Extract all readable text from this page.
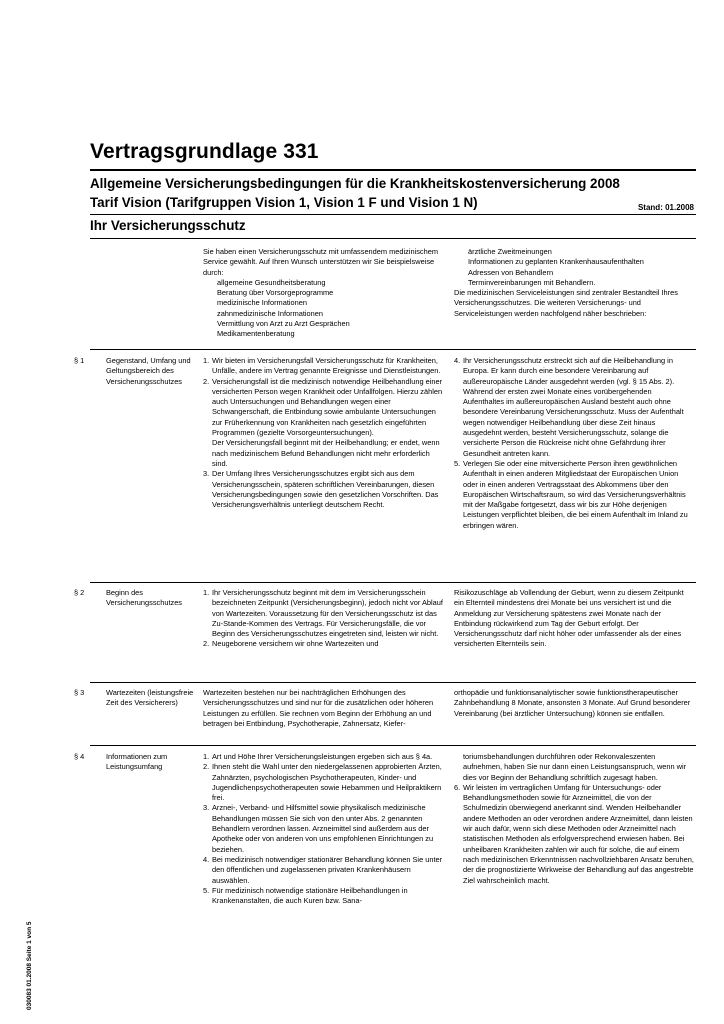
Vertragsgrundlage 331
Allgemeine Versicherungsbedingungen für die Krankheitskostenversicherung 2008
Tarif Vision (Tarifgruppen Vision 1, Vision 1 F und Vision 1 N)	Stand: 01.2008
Ihr Versicherungsschutz

Sie haben einen Versicherungsschutz mit umfassendem medizinischem Service gewählt. Auf Ihren Wunsch unterstützen wir Sie beispielsweise durch:

allgemeine Gesundheitsberatung

Beratung über Vorsorgeprogramme

medizinische Informationen

zahnmedizinische Informationen

Vermittlung von Arzt zu Arzt Gesprächen

Medikamentenberatung

ärztliche Zweitmeinungen

Informationen zu geplanten Krankenhausaufenthalten

Adressen von Behandlern

Terminvereinbarungen mit Behandlern.

Die medizinischen Serviceleistungen sind zentraler Bestandteil Ihres Versicherungsschutzes. Die weiteren Versicherungs- und Serviceleistungen werden nachfolgend näher beschrieben:

§ 1	Gegenstand, Umfang und Geltungsbereich des Versicherungsschutzes
1. Wir bieten im Versicherungsfall Versicherungsschutz für Krankheiten, Unfälle, andere im Vertrag genannte Ereignisse und Dienstleistungen.
2. Versicherungsfall ist die medizinisch notwendige Heilbehandlung einer versicherten Person wegen Krankheit oder Unfallfolgen. Hierzu zählen auch Untersuchungen und Behandlungen wegen einer Schwangerschaft, die Entbindung sowie ambulante Untersuchungen zur Früherkennung von Krankheiten nach gesetzlich eingeführten Programmen (gezielte Vorsorgeuntersuchungen).
Der Versicherungsfall beginnt mit der Heilbehandlung; er endet, wenn nach medizinischem Befund Behandlungen nicht mehr erforderlich sind.
3. Der Umfang Ihres Versicherungsschutzes ergibt sich aus dem Versicherungsschein, späteren schriftlichen Vereinbarungen, diesen Versicherungsbedingungen sowie den gesetzlichen Vorschriften. Das Versicherungsverhältnis unterliegt deutschem Recht.
4. Ihr Versicherungsschutz erstreckt sich auf die Heilbehandlung in Europa. Er kann durch eine besondere Vereinbarung auf außereuropäische Länder ausgedehnt werden (vgl. § 15 Abs. 2). Während der ersten zwei Monate eines vorübergehenden Aufenthaltes im außereuropäischen Ausland besteht auch ohne besondere Vereinbarung Versicherungsschutz. Muss der Aufenthalt wegen notwendiger Heilbehandlung über diese Zeit hinaus ausgedehnt werden, besteht Versicherungsschutz, solange die versicherte Person die Rückreise nicht ohne Gefährdung ihrer Gesundheit antreten kann.
5. Verlegen Sie oder eine mitversicherte Person ihren gewöhnlichen Aufenthalt in einen anderen Mitgliedstaat der Europäischen Union oder in einen anderen Vertragsstaat des Abkommens über den Europäischen Wirtschaftsraum, so wird das Versicherungsverhältnis mit der Maßgabe fortgesetzt, dass wir bis zur Höhe derjenigen Leistungen verpflichtet bleiben, die bei einem Aufenthalt im Inland zu erbringen wären.
§ 2	Beginn des Versicherungsschutzes
1. Ihr Versicherungsschutz beginnt mit dem im Versicherungsschein bezeichneten Zeitpunkt (Versicherungsbeginn), jedoch nicht vor Ablauf von Wartezeiten. Voraussetzung für den Versicherungsschutz ist das Zu-Stande-Kommen des Vertrags. Für Versicherungsfälle, die vor Beginn des Versicherungsschutzes eingetreten sind, leisten wir nicht.
2. Neugeborene versichern wir ohne Wartezeiten und

Risikozuschläge ab Vollendung der Geburt, wenn zu diesem Zeitpunkt ein Elternteil mindestens drei Monate bei uns versichert ist und die Anmeldung zur Versicherung spätestens zwei Monate nach der Entbindung rückwirkend zum Tag der Geburt erfolgt. Der Versicherungsschutz darf nicht höher oder umfassender als der eines versicherten Elternteils sein.

§ 3	Wartezeiten (leistungsfreie Zeit des Versicherers)

Wartezeiten bestehen nur bei nachträglichen Erhöhungen des Versicherungsschutzes und sind nur für die zusätzlichen oder höheren Leistungen zu erfüllen. Sie rechnen vom Beginn der Erhöhung an und betragen bei Entbindung, Psychotherapie, Zahnersatz, Kiefer-

orthopädie und funktionsanalytischer sowie funktionstherapeutischer Zahnbehandlung 8 Monate, ansonsten 3 Monate. Auf Grund besonderer Vereinbarung (bei ärztlicher Untersuchung) können sie entfallen.

§ 4	Informationen zum Leistungsumfang
1. Art und Höhe Ihrer Versicherungsleistungen ergeben sich aus § 4a.
2. Ihnen steht die Wahl unter den niedergelassenen approbierten Ärzten, Zahnärzten, psychologischen Psychotherapeuten, Kinder- und Jugendlichenpsychotherapeuten sowie Hebammen und Heilpraktikern frei.
3. Arznei-, Verband- und Hilfsmittel sowie physikalisch medizinische Behandlungen müssen Sie sich von den unter Abs. 2 genannten Behandlern verordnen lassen. Arzneimittel sind außerdem aus der Apotheke oder von anderen von uns empfohlenen Einrichtungen zu beziehen.
4. Bei medizinisch notwendiger stationärer Behandlung können Sie unter den öffentlichen und zugelassenen privaten Krankenhäusern auswählen.
5. Für medizinisch notwendige stationäre Heilbehandlungen in Krankenanstalten, die auch Kuren bzw. Sana-

toriumsbehandlungen durchführen oder Rekonvaleszenten aufnehmen, haben Sie nur dann einen Leistungsanspruch, wenn wir dies vor Beginn der Behandlung schriftlich zugesagt haben.

6. Wir leisten im vertraglichen Umfang für Untersuchungs- oder Behandlungsmethoden sowie für Arzneimittel, die von der Schulmedizin überwiegend anerkannt sind. Wenden Heilbehandler andere Methoden an oder verordnen andere Arzneimittel, dann leisten wir auch dafür, wenn sich diese Methoden oder Arzneimittel nach statistischen Methoden als erfolgversprechend erwiesen haben. Bei unheilbaren Krankheiten zahlen wir auch für solche, die auf einem nach medizinischen Erkenntnissen nachvollziehbaren Ansatz beruhen, der die prognostizierte Wirkweise der Behandlung auf das angestrebte Ziel wahrscheinlich macht.
030083 01.2008 Seite 1 von 5
